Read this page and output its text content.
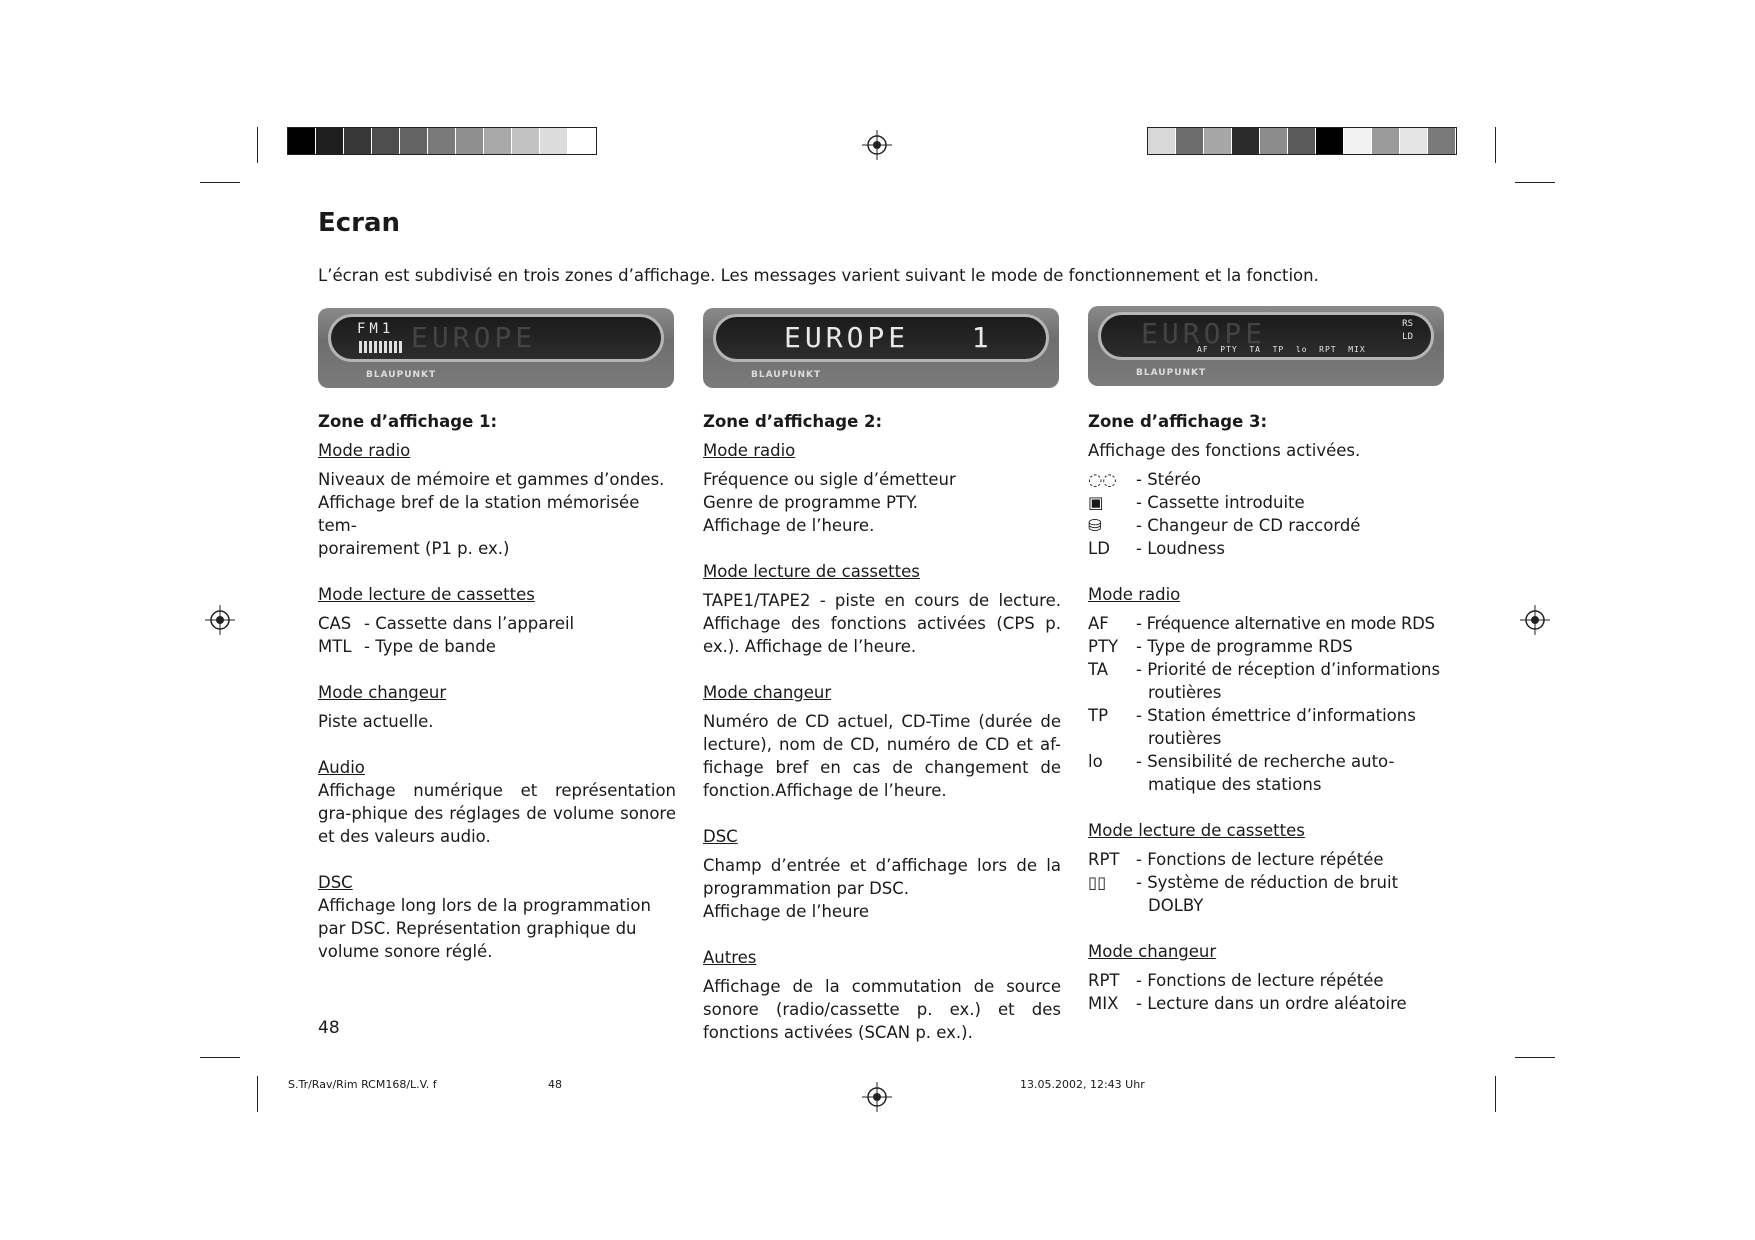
Ecran
L’écran est subdivisé en trois zones d’affichage. Les messages varient suivant le mode de fonctionnement et la fonction.
FM1 EUROPE
BLAUPUNKT
EUROPE   1
BLAUPUNKT
EUROPE
AF  PTY  TA  TP  lo  RPT  MIX
RS
LD
BLAUPUNKT

Zone d’affichage 1:

Mode radio

Niveaux de mémoire et gammes d’ondes.

Affichage bref de la station mémorisée tem-

porairement (P1 p. ex.)

Mode lecture de cassettes

CAS - Cassette dans l’appareil
MTL - Type de bande

Mode changeur

Piste actuelle.

Audio

Affichage numérique et représentation gra-phique des réglages de volume sonore et des valeurs audio.

DSC

Affichage long lors de la programmation par DSC. Représentation graphique du volume sonore réglé.

Zone d’affichage 2:

Mode radio

Fréquence ou sigle d’émetteur

Genre de programme PTY.

Affichage de l’heure.

Mode lecture de cassettes

TAPE1/TAPE2 - piste en cours de lecture. Affichage des fonctions activées (CPS p. ex.). Affichage de l’heure.

Mode changeur

Numéro de CD actuel, CD-Time (durée de lecture), nom de CD, numéro de CD et af-fichage bref en cas de changement de fonction.Affichage de l’heure.

DSC

Champ d’entrée et d’affichage lors de la programmation par DSC.

Affichage de l’heure

Autres

Affichage de la commutation de source sonore (radio/cassette p. ex.) et des fonctions activées (SCAN p. ex.).

Zone d’affichage 3:

Affichage des fonctions activées.

◌◌	- Stéréo
▣	- Cassette introduite
⛁	- Changeur de CD raccordé
LD	- Loudness

Mode radio

AF	- Fréquence alternative en mode RDS
PTY	- Type de programme RDS
TA	- Priorité de réception d’informations
routières
TP	- Station émettrice d’informations
routières
lo	- Sensibilité de recherche auto-
matique des stations

Mode lecture de cassettes

RPT	- Fonctions de lecture répétée
▯▯	- Système de réduction de bruit
DOLBY

Mode changeur

RPT	- Fonctions de lecture répétée
MIX	- Lecture dans un ordre aléatoire
48
S.Tr/Rav/Rim RCM168/L.V. f	48	13.05.2002, 12:43 Uhr
